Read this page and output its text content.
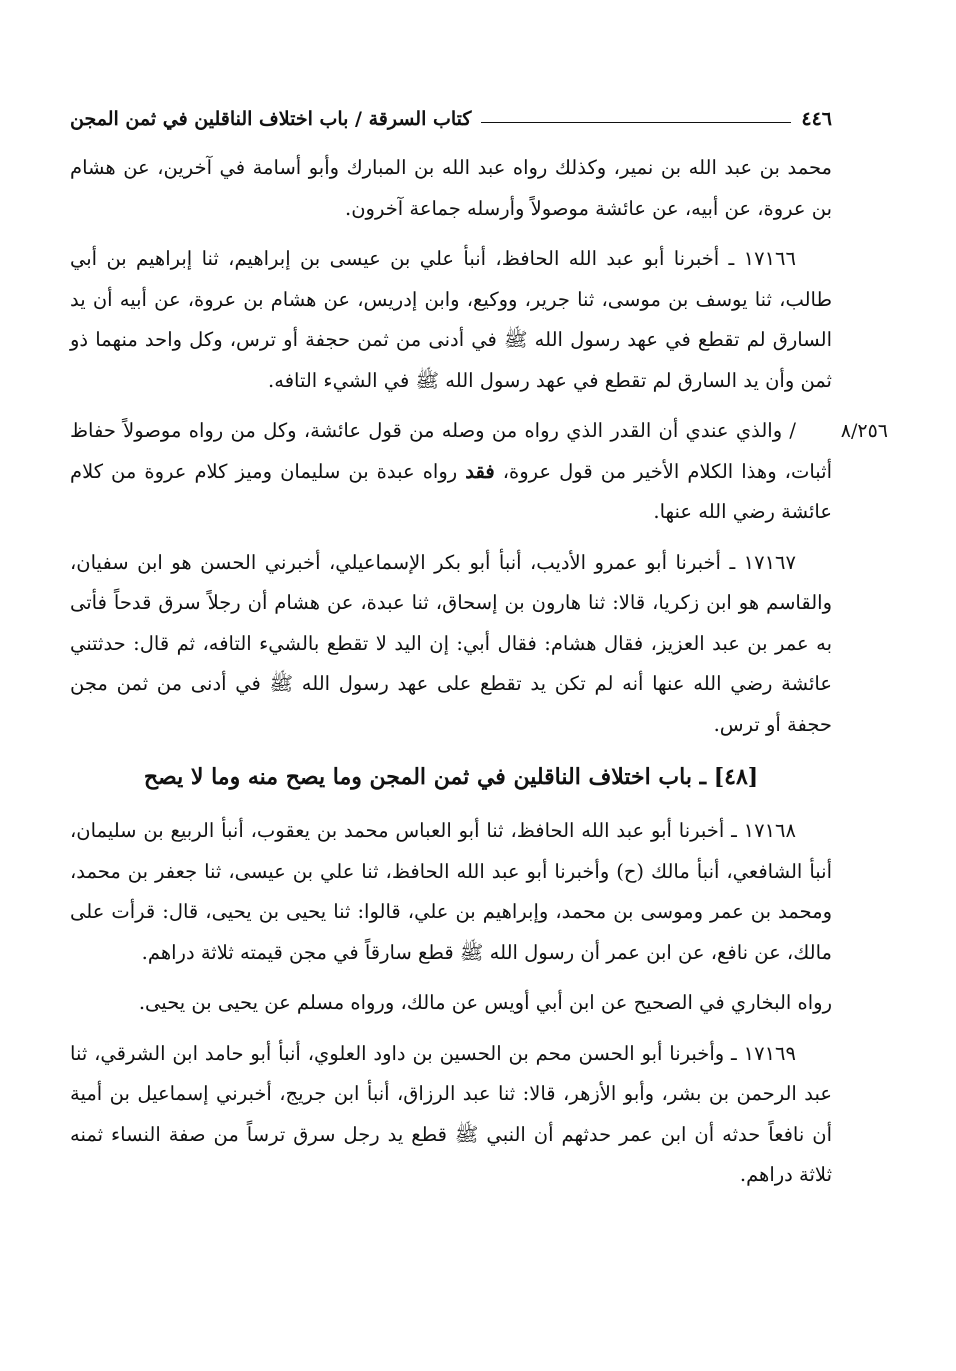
٤٤٦
كتاب السرقة / باب اختلاف الناقلين في ثمن المجن

محمد بن عبد الله بن نمير، وكذلك رواه عبد الله بن المبارك وأبو أسامة في آخرين، عن هشام بن عروة، عن أبيه، عن عائشة موصولاً وأرسله جماعة آخرون.

١٧١٦٦ ـ أخبرنا أبو عبد الله الحافظ، أنبأ علي بن عيسى بن إبراهيم، ثنا إبراهيم بن أبي طالب، ثنا يوسف بن موسى، ثنا جرير، ووكيع، وابن إدريس، عن هشام بن عروة، عن أبيه أن يد السارق لم تقطع في عهد رسول الله ﷺ في أدنى من ثمن حجفة أو ترس، وكل واحد منهما ذو ثمن وأن يد السارق لم تقطع في عهد رسول الله ﷺ في الشيء التافه.

٨/٢٥٦
/ والذي عندي أن القدر الذي رواه من وصله من قول عائشة، وكل من رواه موصولاً حفاظ أثبات، وهذا الكلام الأخير من قول عروة، فقد رواه عبدة بن سليمان وميز كلام عروة من كلام عائشة رضي الله عنها.

١٧١٦٧ ـ أخبرنا أبو عمرو الأديب، أنبأ أبو بكر الإسماعيلي، أخبرني الحسن هو ابن سفيان، والقاسم هو ابن زكريا، قالا: ثنا هارون بن إسحاق، ثنا عبدة، عن هشام أن رجلاً سرق قدحاً فأتى به عمر بن عبد العزيز، فقال هشام: فقال أبي: إن اليد لا تقطع بالشيء التافه، ثم قال: حدثتني عائشة رضي الله عنها أنه لم تكن يد تقطع على عهد رسول الله ﷺ في أدنى من ثمن مجن حجفة أو ترس.

[٤٨] ـ باب اختلاف الناقلين في ثمن المجن وما يصح منه وما لا يصح

١٧١٦٨ ـ أخبرنا أبو عبد الله الحافظ، ثنا أبو العباس محمد بن يعقوب، أنبأ الربيع بن سليمان، أنبأ الشافعي، أنبأ مالك (ح) وأخبرنا أبو عبد الله الحافظ، ثنا علي بن عيسى، ثنا جعفر بن محمد، ومحمد بن عمر وموسى بن محمد، وإبراهيم بن علي، قالوا: ثنا يحيى بن يحيى، قال: قرأت على مالك، عن نافع، عن ابن عمر أن رسول الله ﷺ قطع سارقاً في مجن قيمته ثلاثة دراهم.

رواه البخاري في الصحيح عن ابن أبي أويس عن مالك، ورواه مسلم عن يحيى بن يحيى.

١٧١٦٩ ـ وأخبرنا أبو الحسن محم بن الحسين بن داود العلوي، أنبأ أبو حامد ابن الشرقي، ثنا عبد الرحمن بن بشر، وأبو الأزهر، قالا: ثنا عبد الرزاق، أنبأ ابن جريج، أخبرني إسماعيل بن أمية أن نافعاً حدثه أن ابن عمر حدثهم أن النبي ﷺ قطع يد رجل سرق ترساً من صفة النساء ثمنه ثلاثة دراهم.
